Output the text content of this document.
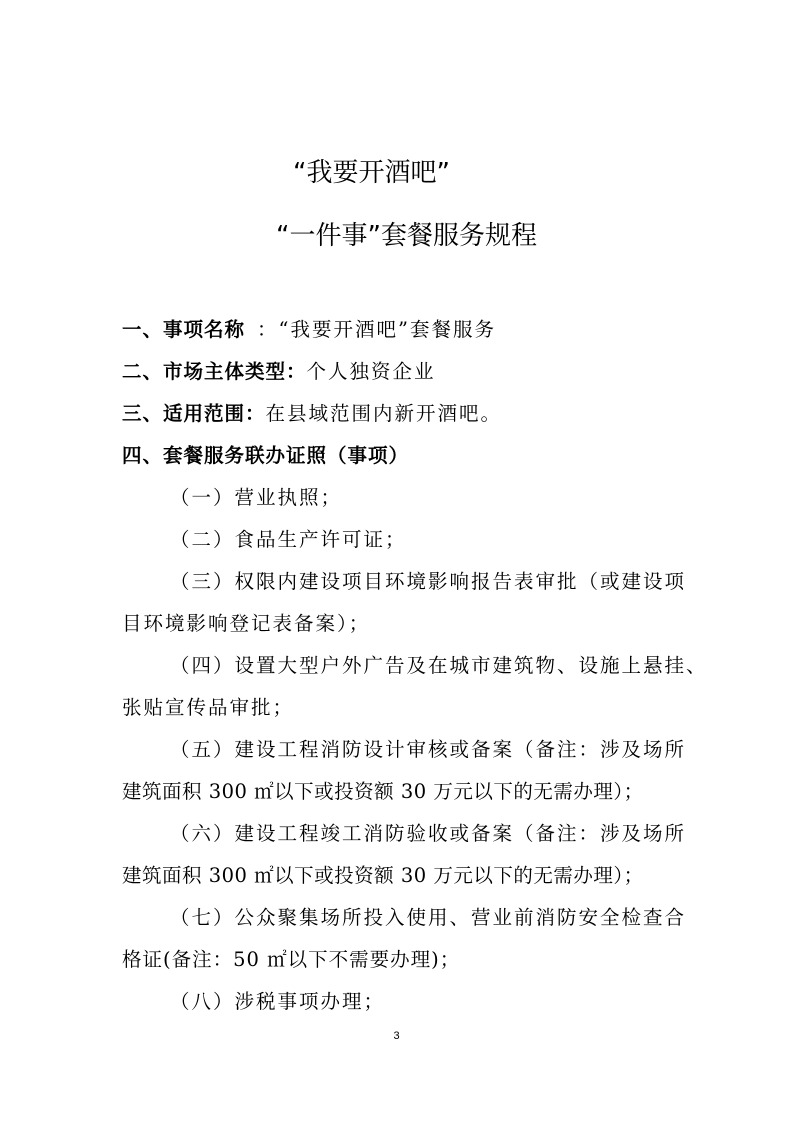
“我要开酒吧”
“一件事”套餐服务规程
一、事项名称 ：“我要开酒吧”套餐服务
二、市场主体类型：个人独资企业
三、适用范围：在县域范围内新开酒吧。
四、套餐服务联办证照（事项）
（一）营业执照；
（二）食品生产许可证；
（三）权限内建设项目环境影响报告表审批（或建设项
目环境影响登记表备案）；
（四）设置大型户外广告及在城市建筑物、设施上悬挂、
张贴宣传品审批；
（五）建设工程消防设计审核或备案（备注：涉及场所
建筑面积 300 ㎡以下或投资额 30 万元以下的无需办理）；
（六）建设工程竣工消防验收或备案（备注：涉及场所
建筑面积 300 ㎡以下或投资额 30 万元以下的无需办理）；
（七）公众聚集场所投入使用、营业前消防安全检查合
格证(备注：50 ㎡以下不需要办理)；
（八）涉税事项办理；
3
